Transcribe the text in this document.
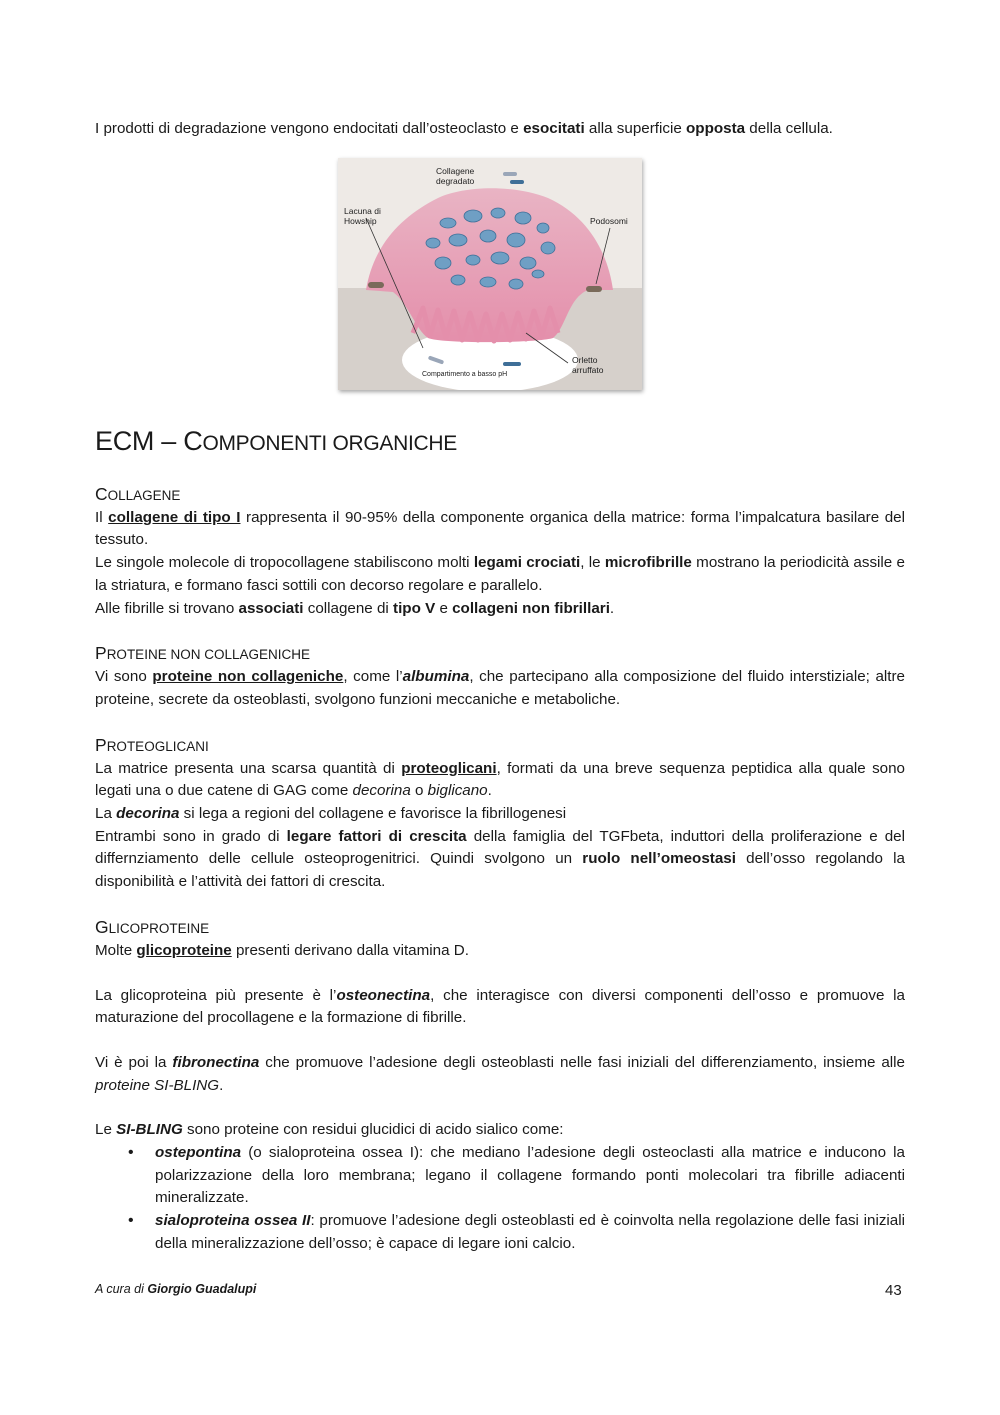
I prodotti di degradazione vengono endocitati dall’osteoclasto e esocitati alla superficie opposta della cellula.

Collagene
degradato
Lacuna di
Howship	Podosomi
Orletto
arruffato
Compartimento a basso pH
ECM – COMPONENTI ORGANICHE
COLLAGENE

Il collagene di tipo I rappresenta il 90-95% della componente organica della matrice: forma l’impalcatura basilare del tessuto.

Le singole molecole di tropocollagene stabiliscono molti legami crociati, le microfibrille mostrano la periodicità assile e la striatura, e formano fasci sottili con decorso regolare e parallelo.

Alle fibrille si trovano associati collagene di tipo V e collageni non fibrillari.

PROTEINE NON COLLAGENICHE

Vi sono proteine non collageniche, come l’albumina, che partecipano alla composizione del fluido interstiziale; altre proteine, secrete da osteoblasti, svolgono funzioni meccaniche e metaboliche.

PROTEOGLICANI

La matrice presenta una scarsa quantità di proteoglicani, formati da una breve sequenza peptidica alla quale sono legati una o due catene di GAG come decorina o biglicano.

La decorina si lega a regioni del collagene e favorisce la fibrillogenesi

Entrambi sono in grado di legare fattori di crescita della famiglia del TGFbeta, induttori della proliferazione e del differnziamento delle cellule osteoprogenitrici. Quindi svolgono un ruolo nell’omeostasi dell’osso regolando la disponibilità e l’attività dei fattori di crescita.

GLICOPROTEINE

Molte glicoproteine presenti derivano dalla vitamina D.

La glicoproteina più presente è l’osteonectina, che interagisce con diversi componenti dell’osso e promuove la maturazione del procollagene e la formazione di fibrille.

Vi è poi la fibronectina che promuove l’adesione degli osteoblasti nelle fasi iniziali del differenziamento, insieme alle proteine SI-BLING.

Le SI-BLING sono proteine con residui glucidici di acido sialico come:

• ostepontina (o sialoproteina ossea I): che mediano l’adesione degli osteoclasti alla matrice e inducono la polarizzazione della loro membrana; legano il collagene formando ponti molecolari tra fibrille adiacenti mineralizzate.
• sialoproteina ossea II: promuove l’adesione degli osteoblasti ed è coinvolta nella regolazione delle fasi iniziali della mineralizzazione dell’osso; è capace di legare ioni calcio.
A cura di Giorgio Guadalupi	43
